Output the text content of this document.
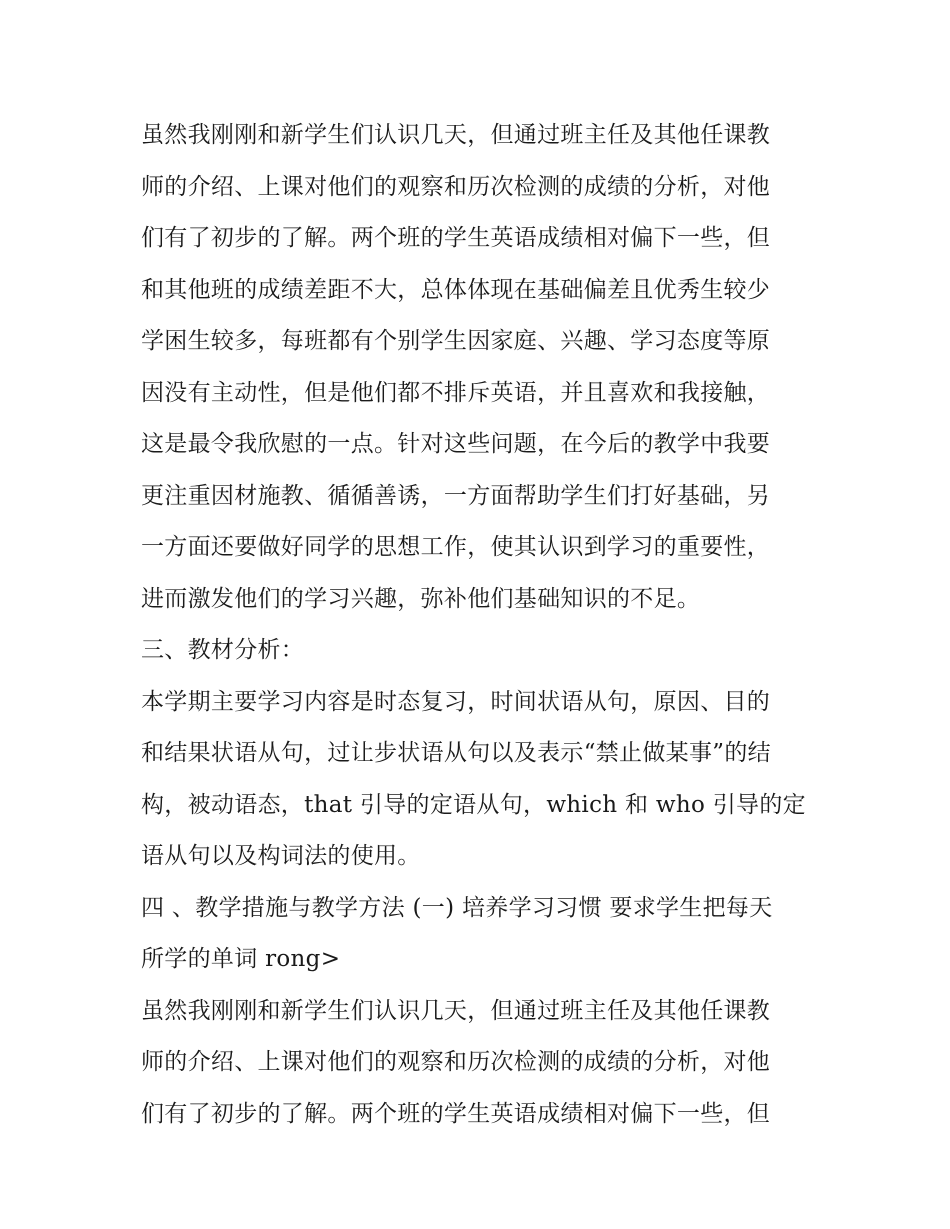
虽然我刚刚和新学生们认识几天，但通过班主任及其他任课教
师的介绍、上课对他们的观察和历次检测的成绩的分析，对他
们有了初步的了解。两个班的学生英语成绩相对偏下一些，但
和其他班的成绩差距不大，总体体现在基础偏差且优秀生较少
学困生较多，每班都有个别学生因家庭、兴趣、学习态度等原
因没有主动性，但是他们都不排斥英语，并且喜欢和我接触，
这是最令我欣慰的一点。针对这些问题，在今后的教学中我要
更注重因材施教、循循善诱，一方面帮助学生们打好基础，另
一方面还要做好同学的思想工作，使其认识到学习的重要性，
进而激发他们的学习兴趣，弥补他们基础知识的不足。
三、教材分析：
本学期主要学习内容是时态复习，时间状语从句，原因、目的
和结果状语从句，过让步状语从句以及表示“禁止做某事”的结
构，被动语态，that 引导的定语从句，which 和 who 引导的定
语从句以及构词法的使用。
四 、教学措施与教学方法 (一) 培养学习习惯 要求学生把每天
所学的单词 rong>
虽然我刚刚和新学生们认识几天，但通过班主任及其他任课教
师的介绍、上课对他们的观察和历次检测的成绩的分析，对他
们有了初步的了解。两个班的学生英语成绩相对偏下一些，但
